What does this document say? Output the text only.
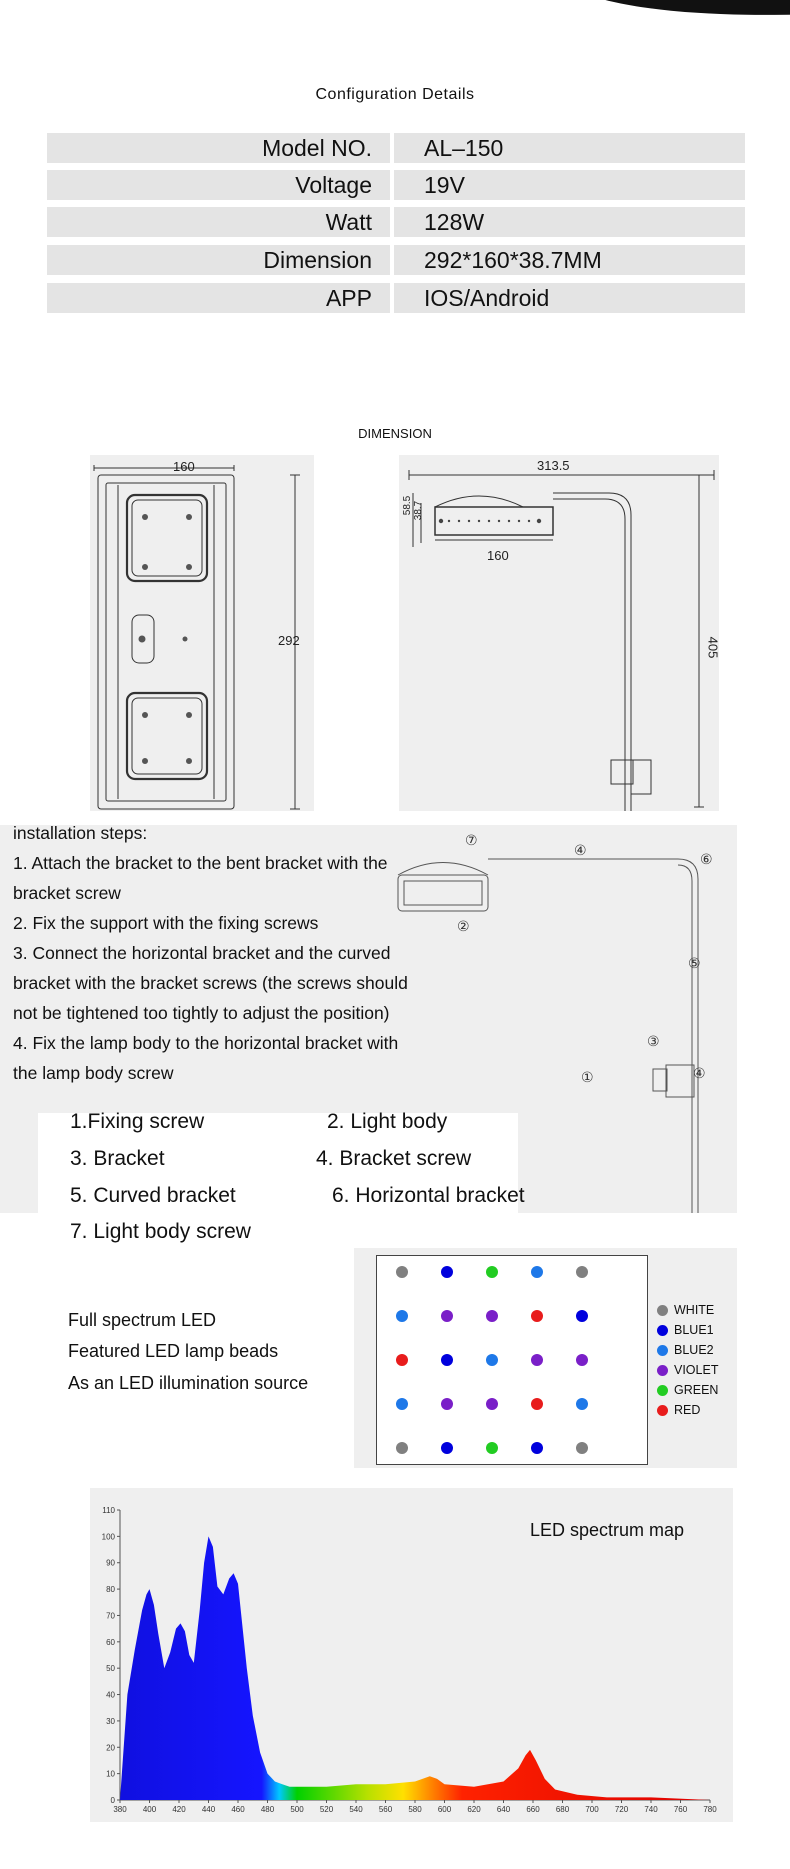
Configuration Details
Model NO.	AL–150
Voltage	19V
Watt	128W
Dimension	292*160*38.7MM
APP	IOS/Android
DIMENSION
160
292
313.5
58.5 38.7
160
405
⑦
④
⑥
②
⑤
③
④
①
installation steps:
1. Attach the bracket to the bent bracket with the
bracket screw
2. Fix the support with the fixing screws
3. Connect the horizontal bracket and the curved
bracket with the bracket screws (the screws should
not be tightened too tightly to adjust the position)
4. Fix the lamp body to the horizontal bracket with
the lamp body screw
1.Fixing screw	2. Light body
3. Bracket	4. Bracket screw
5. Curved bracket	6. Horizontal bracket
7. Light body screw
Full spectrum LED
Featured LED lamp beads
As an LED illumination source
WHITE
BLUE1
BLUE2
VIOLET
GREEN
RED
0
10
20
30
40
50
60
70
80
90
100
110
380 400 420 440 460 480 500 520 540 560 580 600 620 640 660 680 700 720 740 760 780
LED spectrum map
